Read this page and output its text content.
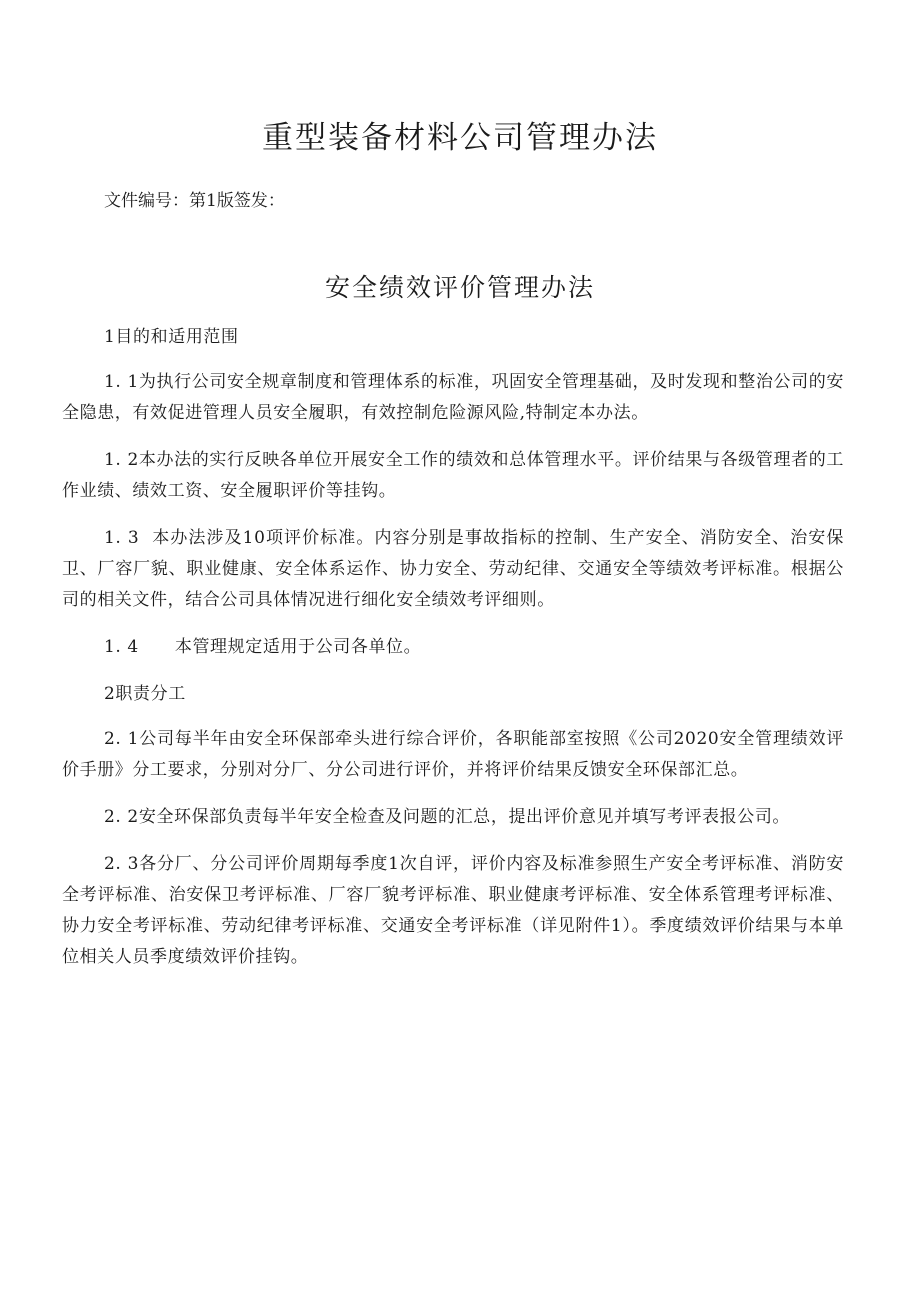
重型装备材料公司管理办法

文件编号：第1版签发：

安全绩效评价管理办法

1目的和适用范围

1. 1为执行公司安全规章制度和管理体系的标准，巩固安全管理基础，及时发现和整治公司的安全隐患，有效促进管理人员安全履职，有效控制危险源风险,特制定本办法。

1. 2本办法的实行反映各单位开展安全工作的绩效和总体管理水平。评价结果与各级管理者的工作业绩、绩效工资、安全履职评价等挂钩。

1. 3  本办法涉及10项评价标准。内容分别是事故指标的控制、生产安全、消防安全、治安保卫、厂容厂貌、职业健康、安全体系运作、协力安全、劳动纪律、交通安全等绩效考评标准。根据公司的相关文件，结合公司具体情况进行细化安全绩效考评细则。

1. 4      本管理规定适用于公司各单位。

2职责分工

2. 1公司每半年由安全环保部牵头进行综合评价，各职能部室按照《公司2020安全管理绩效评价手册》分工要求，分别对分厂、分公司进行评价，并将评价结果反馈安全环保部汇总。

2. 2安全环保部负责每半年安全检查及问题的汇总，提出评价意见并填写考评表报公司。

2. 3各分厂、分公司评价周期每季度1次自评，评价内容及标准参照生产安全考评标准、消防安全考评标准、治安保卫考评标准、厂容厂貌考评标准、职业健康考评标准、安全体系管理考评标准、协力安全考评标准、劳动纪律考评标准、交通安全考评标准（详见附件1）。季度绩效评价结果与本单位相关人员季度绩效评价挂钩。
